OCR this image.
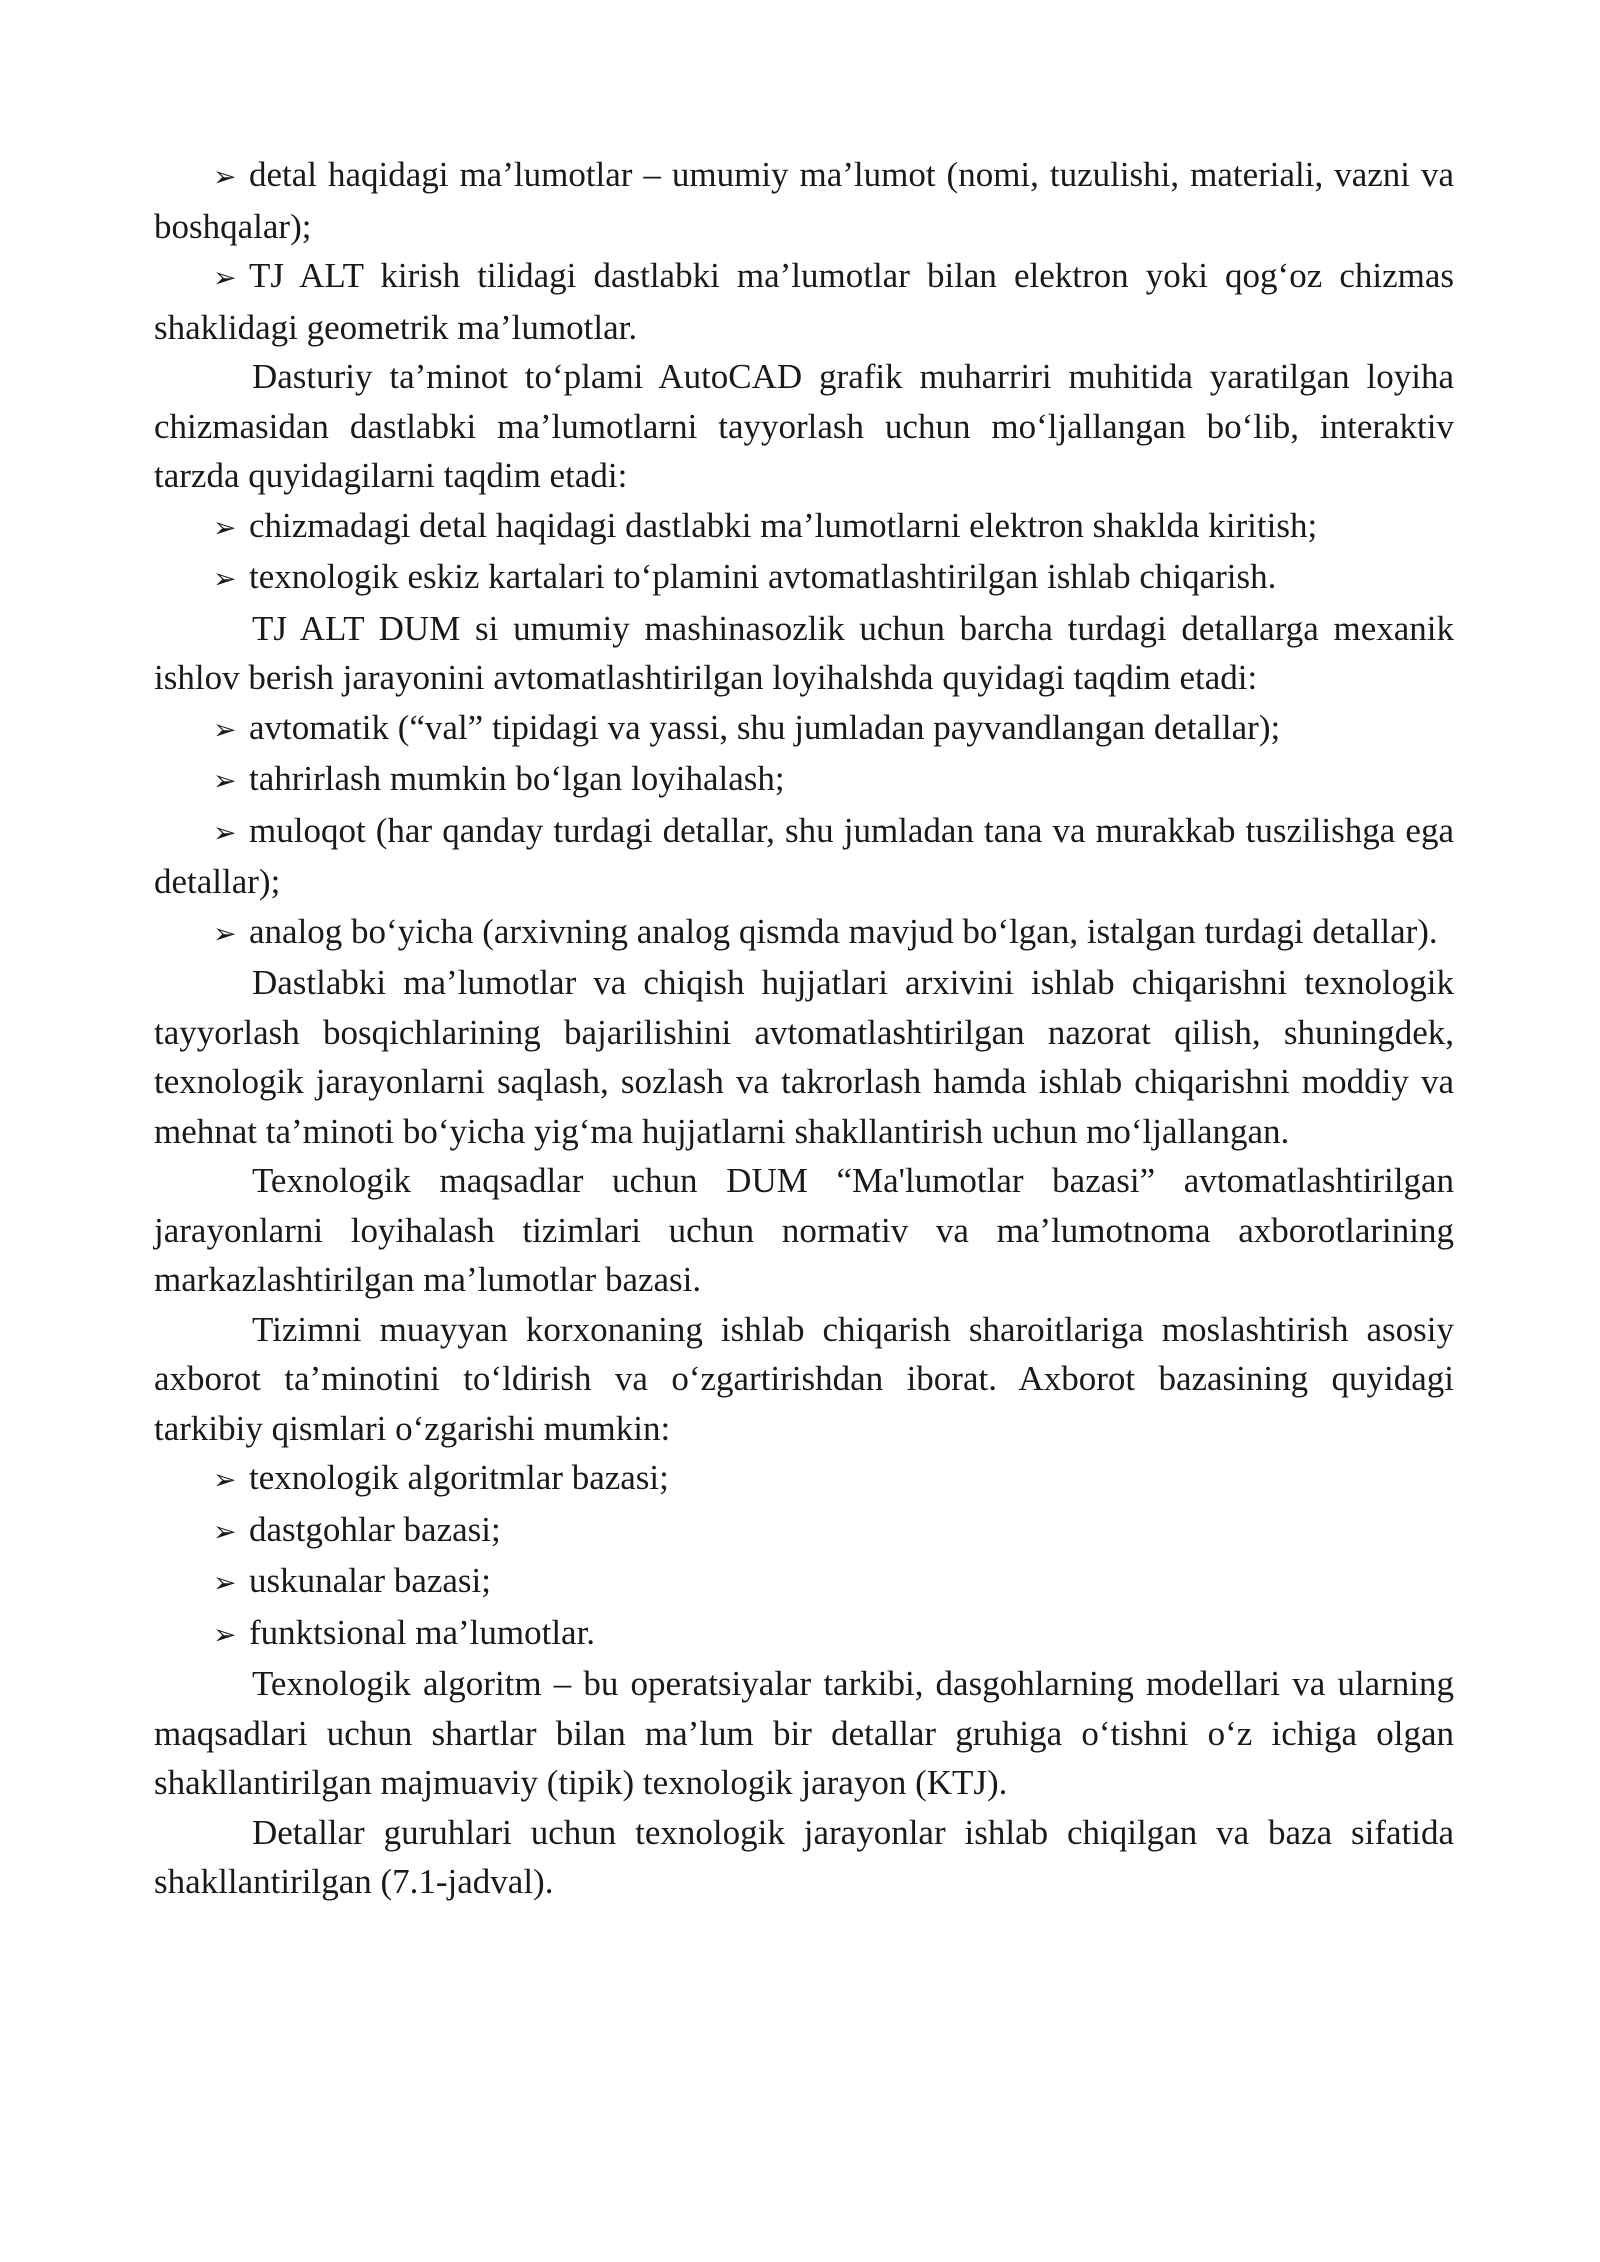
➢ detal haqidagi ma’lumotlar – umumiy ma’lumot (nomi, tuzulishi, materiali, vazni va boshqalar);

➢ TJ ALT kirish tilidagi dastlabki ma’lumotlar bilan elektron yoki qog‘oz chizmas shaklidagi geometrik ma’lumotlar.

Dasturiy ta’minot to‘plami AutoCAD grafik muharriri muhitida yaratilgan loyiha chizmasidan dastlabki ma’lumotlarni tayyorlash uchun mo‘ljallangan bo‘lib, interaktiv tarzda quyidagilarni taqdim etadi:

➢ chizmadagi detal haqidagi dastlabki ma’lumotlarni elektron shaklda kiritish;

➢ texnologik eskiz kartalari to‘plamini avtomatlashtirilgan ishlab chiqarish.

TJ ALT DUM si umumiy mashinasozlik uchun barcha turdagi detallarga mexanik ishlov berish jarayonini avtomatlashtirilgan loyihalshda quyidagi taqdim etadi:

➢ avtomatik (“val” tipidagi va yassi, shu jumladan payvandlangan detallar);

➢ tahrirlash mumkin bo‘lgan loyihalash;

➢ muloqot (har qanday turdagi detallar, shu jumladan tana va murakkab tuszilishga ega detallar);

➢ analog bo‘yicha (arxivning analog qismda mavjud bo‘lgan, istalgan turdagi detallar).

Dastlabki ma’lumotlar va chiqish hujjatlari arxivini ishlab chiqarishni texnologik tayyorlash bosqichlarining bajarilishini avtomatlashtirilgan nazorat qilish, shuningdek, texnologik jarayonlarni saqlash, sozlash va takrorlash hamda ishlab chiqarishni moddiy va mehnat ta’minoti bo‘yicha yig‘ma hujjatlarni shakllantirish uchun mo‘ljallangan.

Texnologik maqsadlar uchun DUM “Ma'lumotlar bazasi” avtomatlashtirilgan jarayonlarni loyihalash tizimlari uchun normativ va ma’lumotnoma axborotlarining markazlashtirilgan ma’lumotlar bazasi.

Tizimni muayyan korxonaning ishlab chiqarish sharoitlariga moslashtirish asosiy axborot ta’minotini to‘ldirish va o‘zgartirishdan iborat. Axborot bazasining quyidagi tarkibiy qismlari o‘zgarishi mumkin:

➢ texnologik algoritmlar bazasi;

➢ dastgohlar bazasi;

➢ uskunalar bazasi;

➢ funktsional ma’lumotlar.

Texnologik algoritm – bu operatsiyalar tarkibi, dasgohlarning modellari va ularning maqsadlari uchun shartlar bilan ma’lum bir detallar gruhiga o‘tishni o‘z ichiga olgan shakllantirilgan majmuaviy (tipik) texnologik jarayon (KTJ).

Detallar guruhlari uchun texnologik jarayonlar ishlab chiqilgan va baza sifatida shakllantirilgan (7.1-jadval).
